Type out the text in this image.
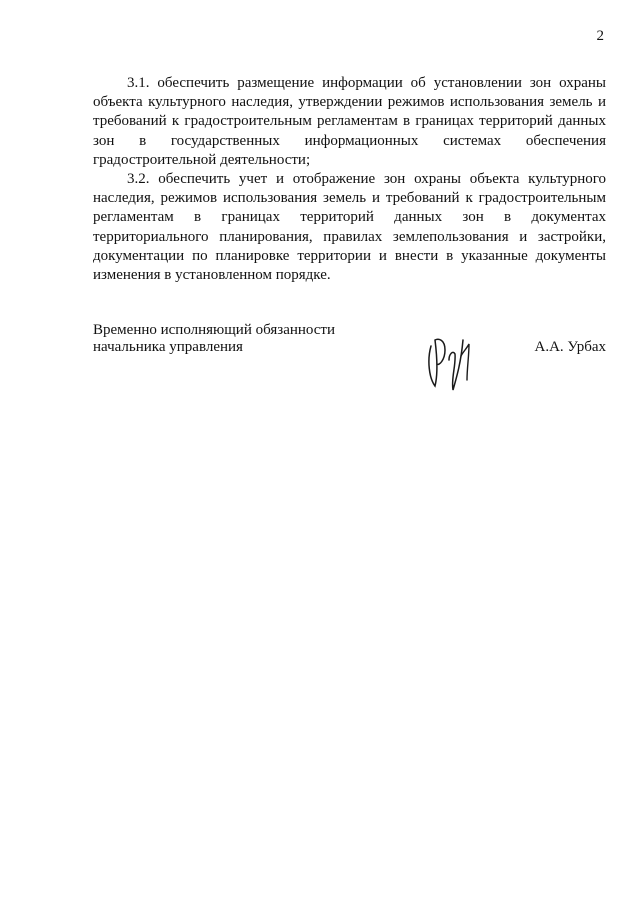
2

3.1. обеспечить размещение информации об установлении зон охраны объекта культурного наследия, утверждении режимов использования земель и требований к градостроительным регламентам в границах территорий данных зон в государственных информационных системах обеспечения градостроительной деятельности;

3.2. обеспечить учет и отображение зон охраны объекта культурного наследия, режимов использования земель и требований к градостроительным регламентам в границах территорий данных зон в документах территориального планирования, правилах землепользования и застройки, документации по планировке территории и внести в указанные документы изменения в установленном порядке.

Временно исполняющий обязанности
начальника управления	А.А. Урбах
